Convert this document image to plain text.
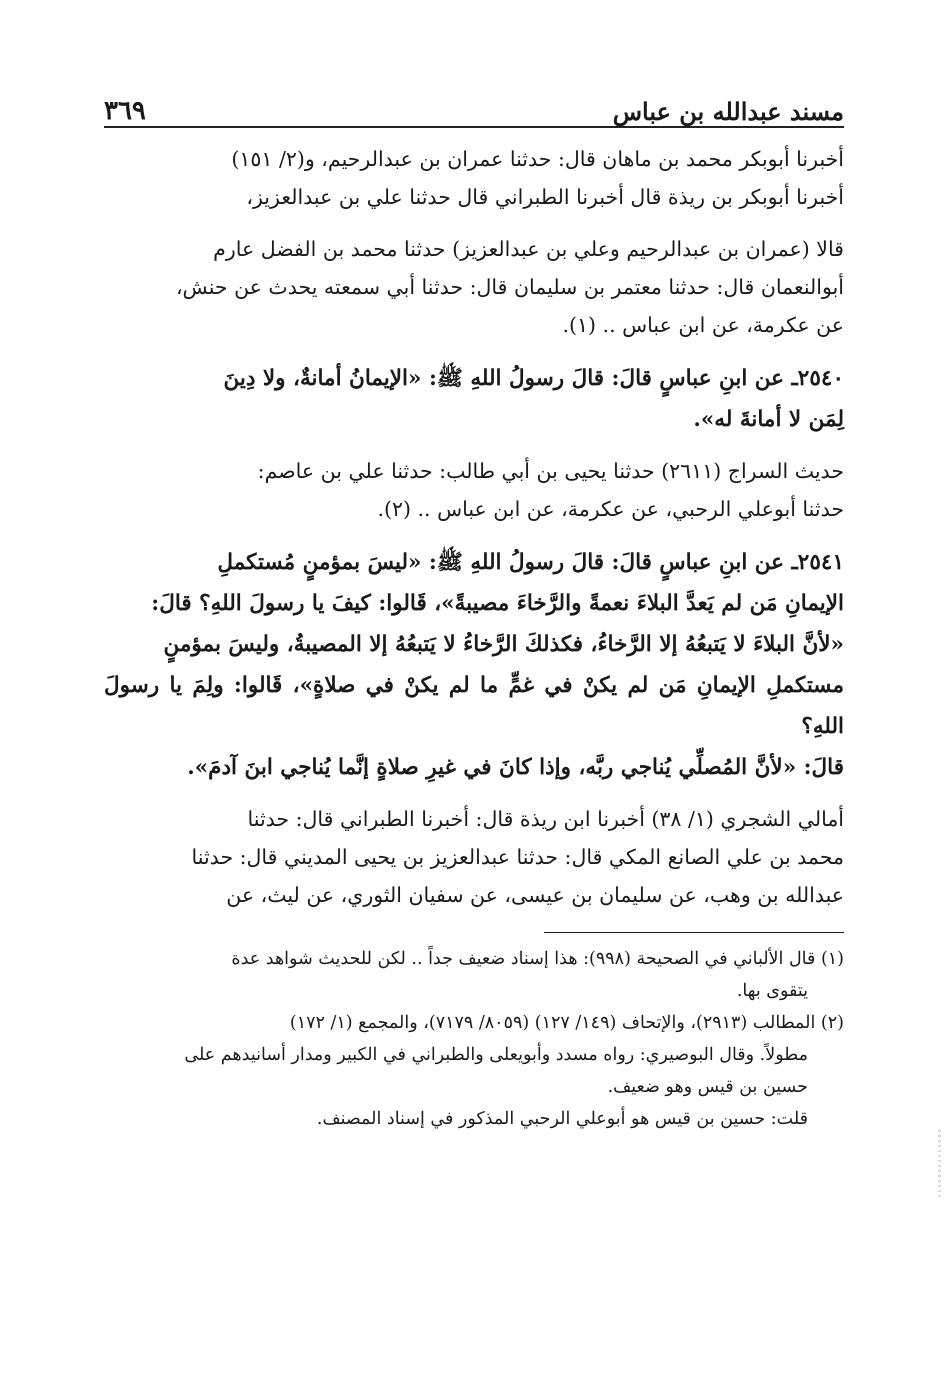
مسند عبدالله بن عباس
٣٦٩

أخبرنا أبوبكر محمد بن ماهان قال: حدثنا عمران بن عبدالرحيم، و(٢/ ١٥١)

أخبرنا أبوبكر بن ريذة قال أخبرنا الطبراني قال حدثنا علي بن عبدالعزيز،

قالا (عمران بن عبدالرحيم وعلي بن عبدالعزيز) حدثنا محمد بن الفضل عارم

أبوالنعمان قال: حدثنا معتمر بن سليمان قال: حدثنا أبي سمعته يحدث عن حنش،

عن عكرمة، عن ابن عباس .. (١).

٢٥٤٠ـ عن ابنِ عباسٍ قالَ: قالَ رسولُ اللهِ ﷺ: «الإيمانُ أمانةٌ، ولا دِينَ

لِمَن لا أمانةَ له».

حديث السراج (٢٦١١) حدثنا يحيى بن أبي طالب: حدثنا علي بن عاصم:

حدثنا أبوعلي الرحبي، عن عكرمة، عن ابن عباس .. (٢).

٢٥٤١ـ عن ابنِ عباسٍ قالَ: قالَ رسولُ اللهِ ﷺ: «ليسَ بمؤمنٍ مُستكملِ

الإيمانِ مَن لم يَعدَّ البلاءَ نعمةً والرَّخاءَ مصيبةً»، قَالوا: كيفَ يا رسولَ اللهِ؟ قالَ:

«لأنَّ البلاءَ لا يَتبعُهُ إلا الرَّخاءُ، فكذلكَ الرَّخاءُ لا يَتبعُهُ إلا المصيبةُ، وليسَ بمؤمنٍ

مستكملِ الإيمانِ مَن لم يكنْ في غمٍّ ما لم يكنْ في صلاةٍ»، قَالوا: ولِمَ يا رسولَ اللهِ؟

قالَ: «لأنَّ المُصلِّي يُناجي ربَّه، وإذا كانَ في غيرِ صلاةٍ إنَّما يُناجي ابنَ آدمَ».

أمالي الشجري (١/ ٣٨) أخبرنا ابن ريذة قال: أخبرنا الطبراني قال: حدثنا

محمد بن علي الصانع المكي قال: حدثنا عبدالعزيز بن يحيى المديني قال: حدثنا

عبدالله بن وهب، عن سليمان بن عيسى، عن سفيان الثوري، عن ليث، عن

(١) قال الألباني في الصحيحة (٩٩٨): هذا إسناد ضعيف جداً .. لكن للحديث شواهد عدة

يتقوى بها.

(٢) المطالب (٢٩١٣)، والإتحاف (١٤٩/ ١٢٧) (٨٠٥٩/ ٧١٧٩)، والمجمع (١/ ١٧٢)

مطولاً. وقال البوصيري: رواه مسدد وأبويعلى والطبراني في الكبير ومدار أسانيدهم على

حسين بن قيس وهو ضعيف.

قلت: حسين بن قيس هو أبوعلي الرحبي المذكور في إسناد المصنف.
